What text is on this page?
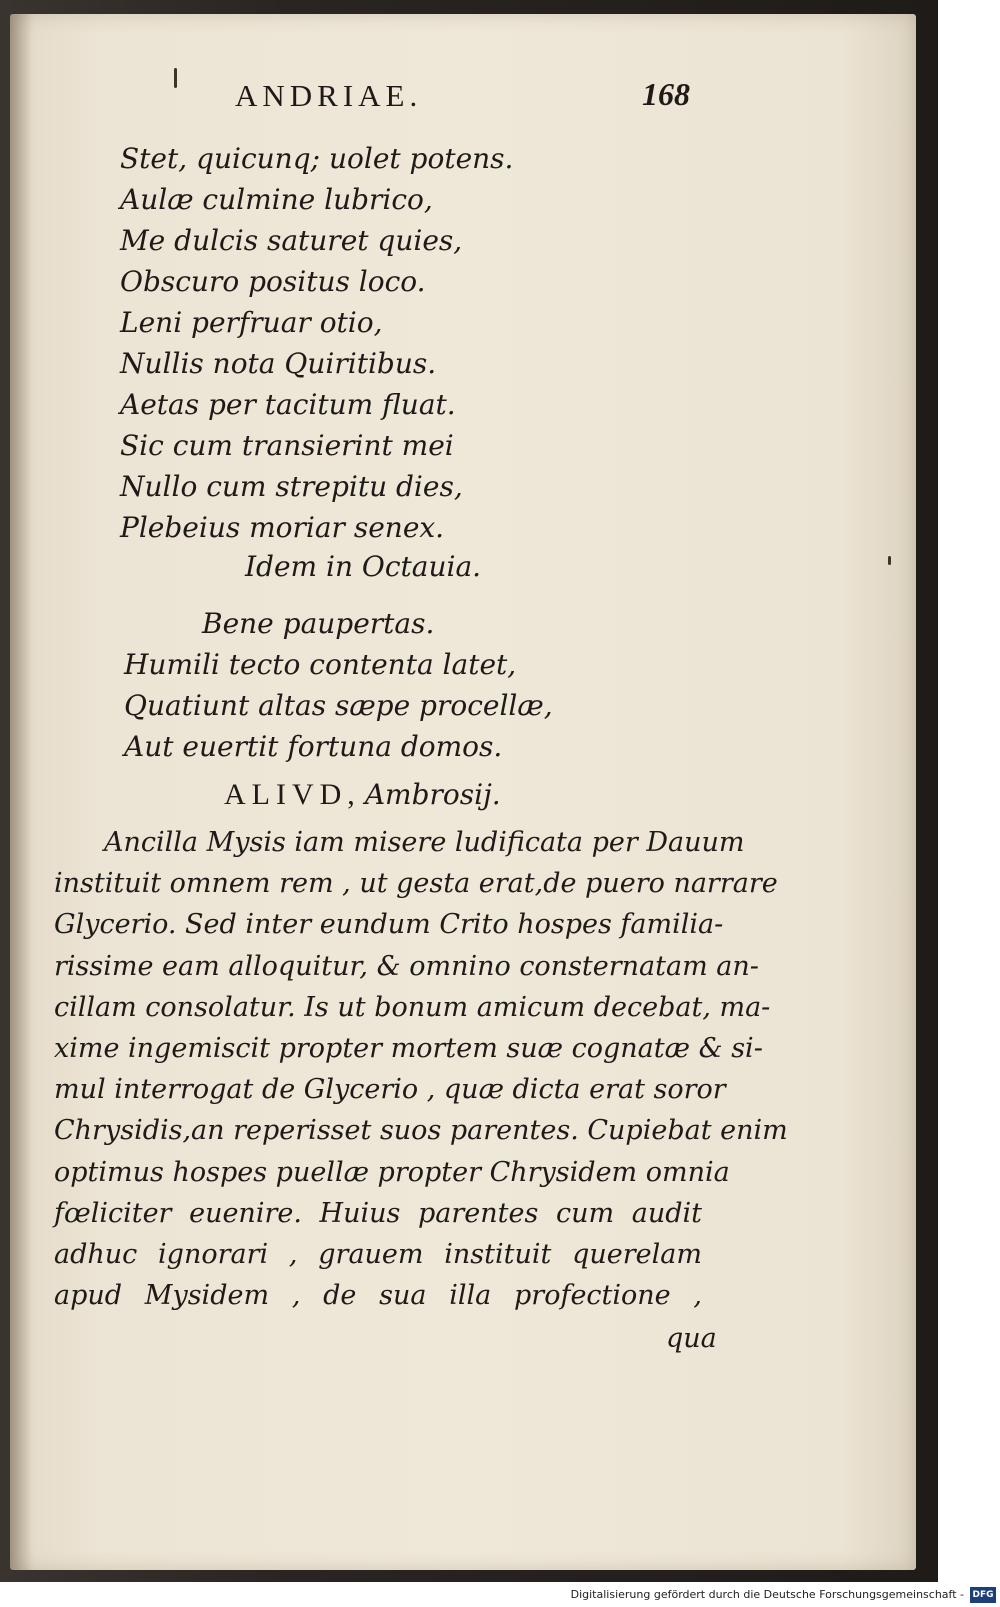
ANDRIAE.	168
Stet, quicunq; uolet potens.
Aulæ culmine lubrico,
Me dulcis saturet quies,
Obscuro positus loco.
Leni perfruar otio,
Nullis nota Quiritibus.
Aetas per tacitum fluat.
Sic cum transierint mei
Nullo cum strepitu dies,
Plebeius moriar senex.
Idem in Octauia.
Bene paupertas.
Humili tecto contenta latet,
Quatiunt altas sæpe procellæ,
Aut euertit fortuna domos.
ALIVD, Ambrosij.
Ancilla Mysis iam misere ludificata per Dauum
instituit omnem rem , ut gesta erat,de puero narrare
Glycerio. Sed inter eundum Crito hospes familia-
rissime eam alloquitur, & omnino consternatam an-
cillam consolatur. Is ut bonum amicum decebat, ma-
xime ingemiscit propter mortem suæ cognatæ & si-
mul interrogat de Glycerio , quæ dicta erat soror
Chrysidis,an reperisset suos parentes. Cupiebat enim
optimus hospes puellæ propter Chrysidem omnia
fœliciter euenire. Huius parentes cum audit
adhuc ignorari , grauem instituit querelam
apud Mysidem , de sua illa profectione ,
qua
Digitalisierung gefördert durch die Deutsche Forschungsgemeinschaft - DFG
